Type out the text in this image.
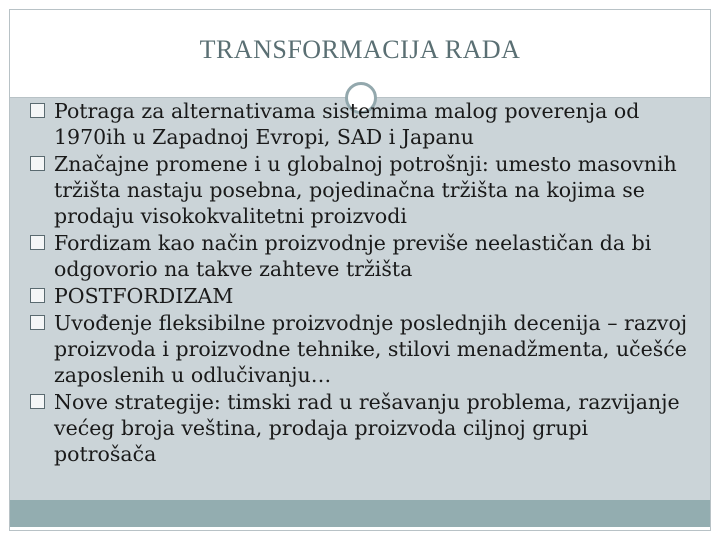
TRANSFORMACIJA RADA
Potraga za alternativama sistemima malog poverenja od 1970ih u Zapadnoj Evropi, SAD i Japanu
Značajne promene i u globalnoj potrošnji: umesto masovnih tržišta nastaju posebna, pojedinačna tržišta na kojima se prodaju visokokvalitetni proizvodi
Fordizam kao način proizvodnje previše neelastičan da bi odgovorio na takve zahteve tržišta
POSTFORDIZAM
Uvođenje fleksibilne proizvodnje poslednjih decenija – razvoj proizvoda i proizvodne tehnike, stilovi menadžmenta, učešće zaposlenih u odlučivanju…
Nove strategije: timski rad u rešavanju problema, razvijanje većeg broja veština, prodaja proizvoda ciljnoj grupi potrošača
